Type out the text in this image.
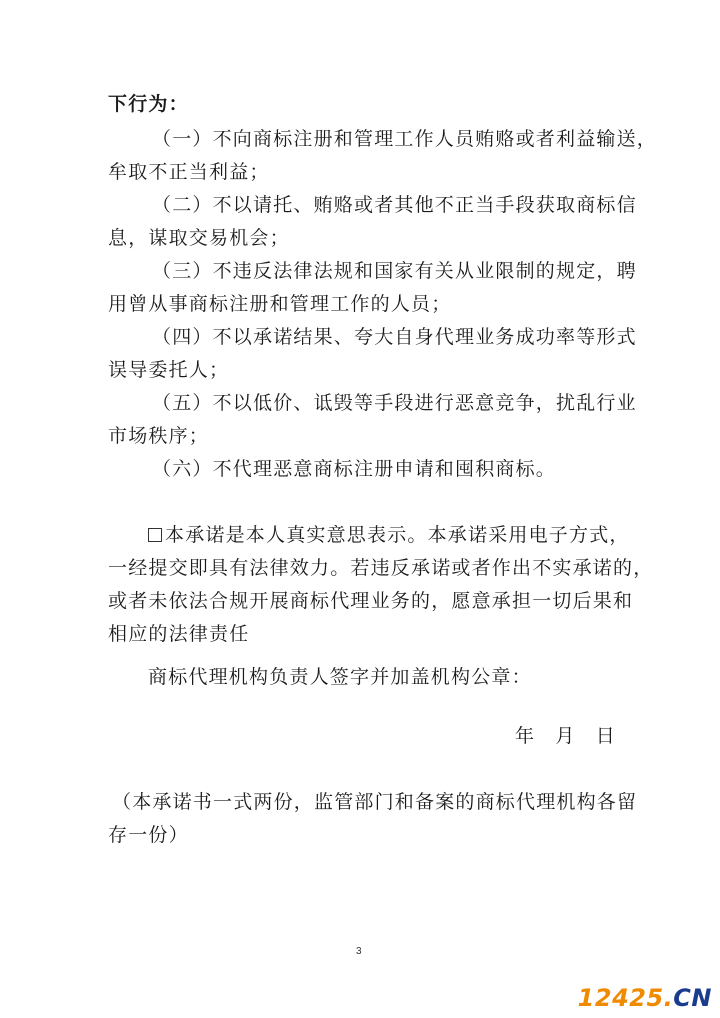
下行为：
（一）不向商标注册和管理工作人员贿赂或者利益输送，
牟取不正当利益；
（二）不以请托、贿赂或者其他不正当手段获取商标信
息，谋取交易机会；
（三）不违反法律法规和国家有关从业限制的规定，聘
用曾从事商标注册和管理工作的人员；
（四）不以承诺结果、夸大自身代理业务成功率等形式
误导委托人；
（五）不以低价、诋毁等手段进行恶意竞争，扰乱行业
市场秩序；
（六）不代理恶意商标注册申请和囤积商标。
本承诺是本人真实意思表示。本承诺采用电子方式，
一经提交即具有法律效力。若违反承诺或者作出不实承诺的，
或者未依法合规开展商标代理业务的，愿意承担一切后果和
相应的法律责任
商标代理机构负责人签字并加盖机构公章：
年　月　日
（本承诺书一式两份，监管部门和备案的商标代理机构各留
存一份）
3
12425.CN
